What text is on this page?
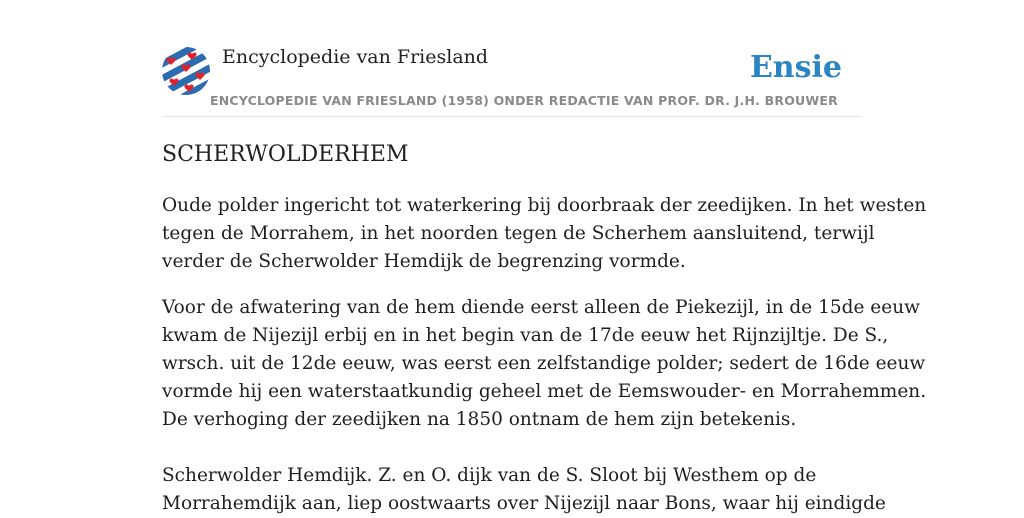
Encyclopedie van Friesland
ENCYCLOPEDIE VAN FRIESLAND (1958) ONDER REDACTIE VAN PROF. DR. J.H. BROUWER
Ensie
SCHERWOLDERHEM
Oude polder ingericht tot waterkering bij doorbraak der zeedijken. In het westen
tegen de Morrahem, in het noorden tegen de Scherhem aansluitend, terwijl
verder de Scherwolder Hemdijk de begrenzing vormde.
Voor de afwatering van de hem diende eerst alleen de Piekezijl, in de 15de eeuw
kwam de Nijezijl erbij en in het begin van de 17de eeuw het Rijnzijltje. De S.,
wrsch. uit de 12de eeuw, was eerst een zelfstandige polder; sedert de 16de eeuw
vormde hij een waterstaatkundig geheel met de Eemswouder- en Morrahemmen.
De verhoging der zeedijken na 1850 ontnam de hem zijn betekenis.
Scherwolder Hemdijk. Z. en O. dijk van de S. Sloot bij Westhem op de
Morrahemdijk aan, liep oostwaarts over Nijezijl naar Bons, waar hij eindigde
